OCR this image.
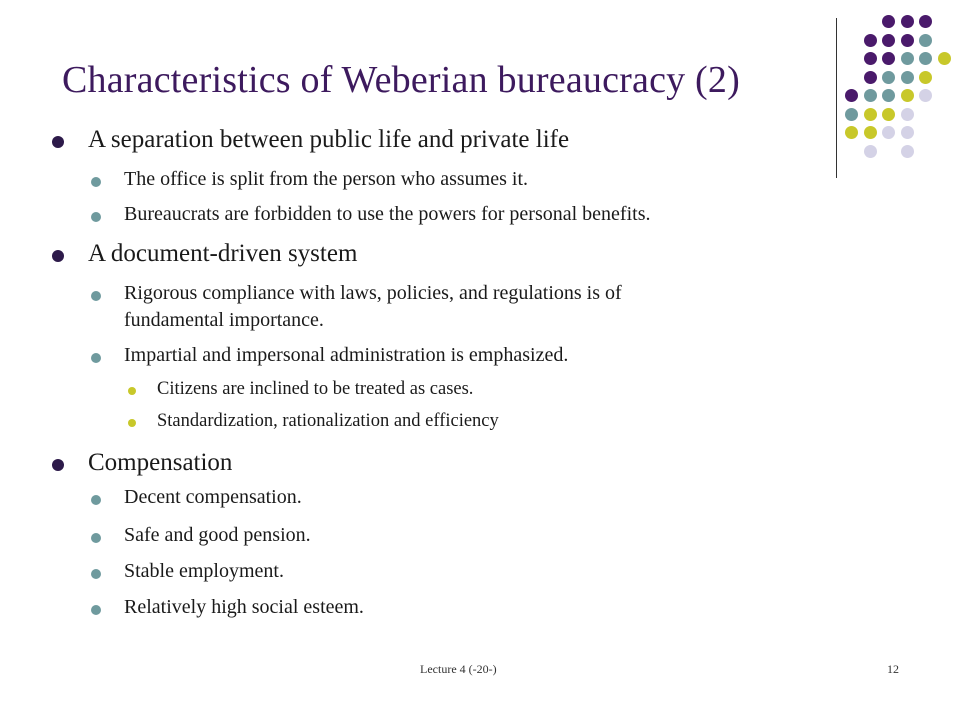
Characteristics of Weberian bureaucracy (2)
A separation between public life and private life
The office is split from the person who assumes it.
Bureaucrats are forbidden to use the powers for personal benefits.
A document-driven system
Rigorous compliance with laws, policies, and regulations is of
fundamental importance.
Impartial and impersonal administration is emphasized.
Citizens are inclined to be treated as cases.
Standardization, rationalization and efficiency
Compensation
Decent compensation.
Safe and good pension.
Stable employment.
Relatively high social esteem.
Lecture 4 (-20-)	12
